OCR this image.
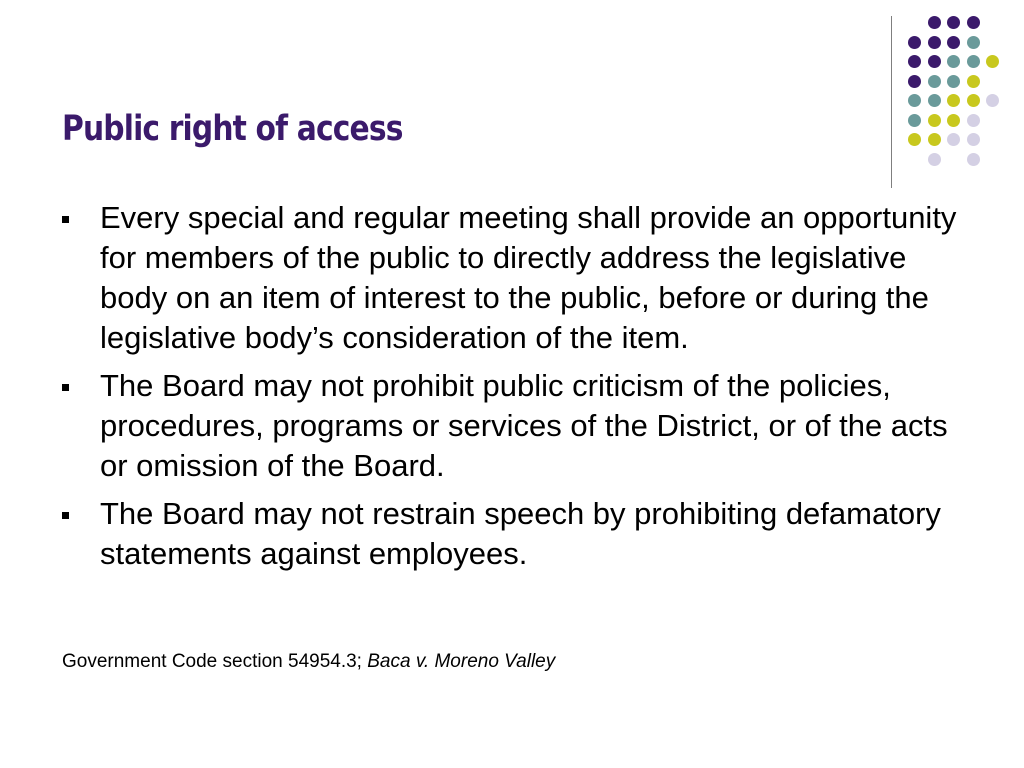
Public right of access
Every special and regular meeting shall provide an opportunity for members of the public to directly address the legislative body on an item of interest to the public, before or during the legislative body’s consideration of the item.
The Board may not prohibit public criticism of the policies, procedures, programs or services of the District, or of the acts or omission of the Board.
The Board may not restrain speech by prohibiting defamatory statements against employees.
Government Code section 54954.3; Baca v. Moreno Valley
